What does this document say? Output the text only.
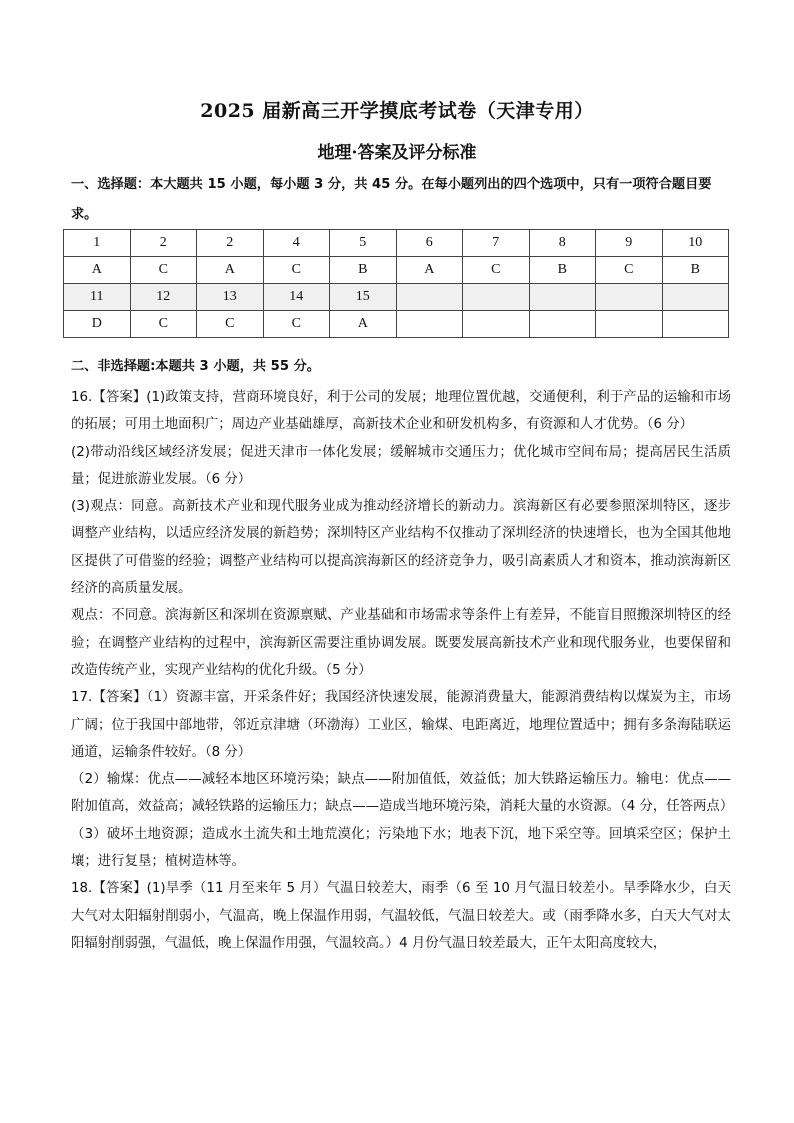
2025 届新高三开学摸底考试卷（天津专用）
地理·答案及评分标准
一、选择题：本大题共 15 小题，每小题 3 分，共 45 分。在每小题列出的四个选项中，只有一项符合题目要求。
1	2	2	4	5	6	7	8	9	10
A	C	A	C	B	A	C	B	C	B
11	12	13	14	15					
D	C	C	C	A					
二、非选择题:本题共 3 小题，共 55 分。

16.【答案】(1)政策支持，营商环境良好，利于公司的发展；地理位置优越，交通便利，利于产品的运输和市场的拓展；可用土地面积广；周边产业基础雄厚，高新技术企业和研发机构多，有资源和人才优势。（6 分）

(2)带动沿线区域经济发展；促进天津市一体化发展；缓解城市交通压力；优化城市空间布局；提高居民生活质量；促进旅游业发展。（6 分）

(3)观点：同意。高新技术产业和现代服务业成为推动经济增长的新动力。滨海新区有必要参照深圳特区，逐步调整产业结构，以适应经济发展的新趋势；深圳特区产业结构不仅推动了深圳经济的快速增长，也为全国其他地区提供了可借鉴的经验；调整产业结构可以提高滨海新区的经济竞争力，吸引高素质人才和资本，推动滨海新区经济的高质量发展。

观点：不同意。滨海新区和深圳在资源禀赋、产业基础和市场需求等条件上有差异，不能盲目照搬深圳特区的经验；在调整产业结构的过程中，滨海新区需要注重协调发展。既要发展高新技术产业和现代服务业，也要保留和改造传统产业，实现产业结构的优化升级。（5 分）

17.【答案】（1）资源丰富，开采条件好；我国经济快速发展，能源消费量大，能源消费结构以煤炭为主，市场广阔；位于我国中部地带，邻近京津塘（环渤海）工业区，输煤、电距离近，地理位置适中；拥有多条海陆联运通道，运输条件较好。（8 分）

（2）输煤：优点——减轻本地区环境污染；缺点——附加值低，效益低；加大铁路运输压力。输电：优点——附加值高，效益高；减轻铁路的运输压力；缺点——造成当地环境污染，消耗大量的水资源。（4 分，任答两点）

（3）破坏土地资源；造成水土流失和土地荒漠化；污染地下水；地表下沉，地下采空等。回填采空区；保护土壤；进行复垦；植树造林等。

18.【答案】(1)旱季（11 月至来年 5 月）气温日较差大，雨季（6 至 10 月气温日较差小。旱季降水少，白天大气对太阳辐射削弱小，气温高，晚上保温作用弱，气温较低，气温日较差大。或（雨季降水多，白天大气对太阳辐射削弱强，气温低，晚上保温作用强，气温较高。）4 月份气温日较差最大，正午太阳高度较大，
